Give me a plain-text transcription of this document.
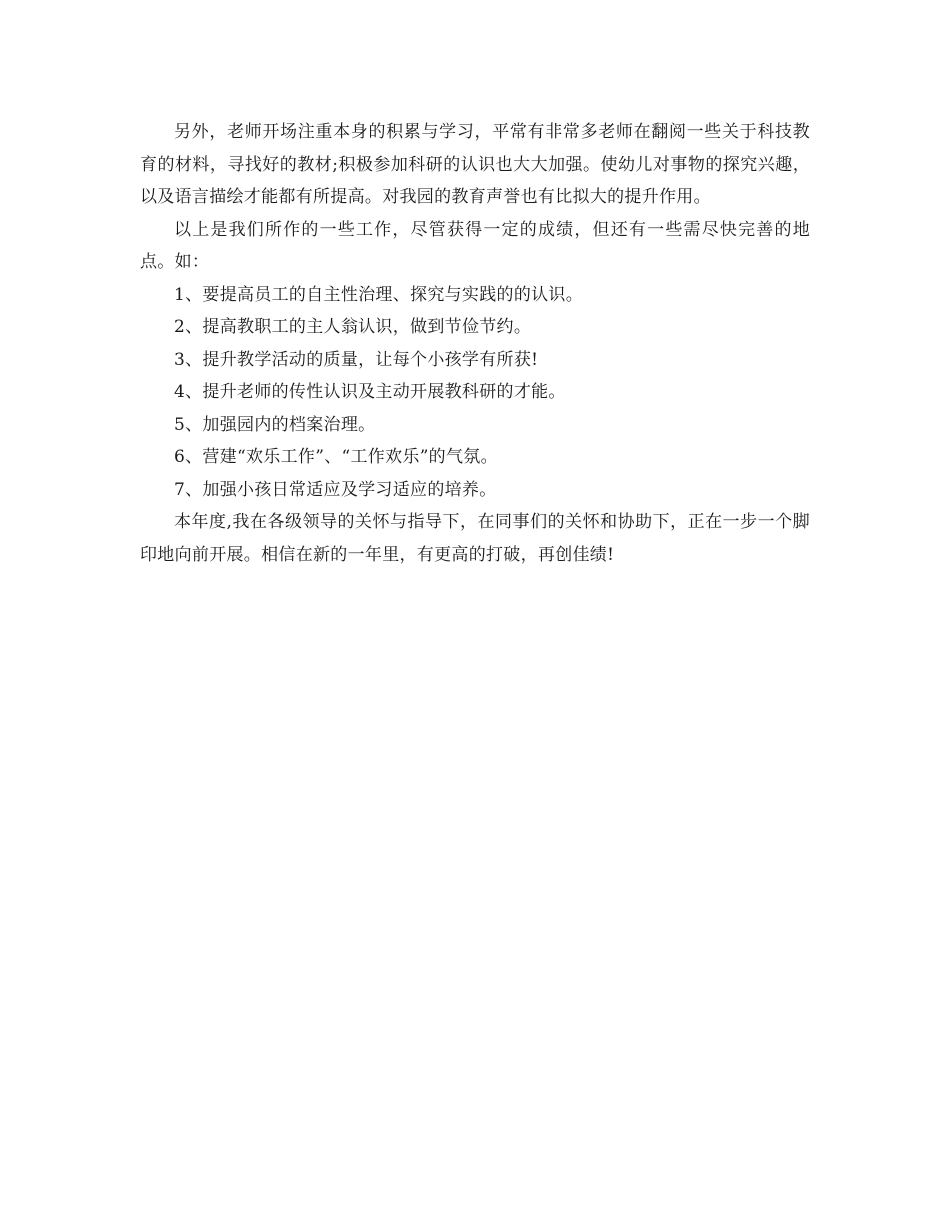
另外，老师开场注重本身的积累与学习，平常有非常多老师在翻阅一些关于科技教育的材料，寻找好的教材;积极参加科研的认识也大大加强。使幼儿对事物的探究兴趣，以及语言描绘才能都有所提高。对我园的教育声誉也有比拟大的提升作用。

以上是我们所作的一些工作，尽管获得一定的成绩，但还有一些需尽快完善的地点。如：

1、要提高员工的自主性治理、探究与实践的的认识。

2、提高教职工的主人翁认识，做到节俭节约。

3、提升教学活动的质量，让每个小孩学有所获!

4、提升老师的传性认识及主动开展教科研的才能。

5、加强园内的档案治理。

6、营建“欢乐工作”、“工作欢乐”的气氛。

7、加强小孩日常适应及学习适应的培养。

本年度,我在各级领导的关怀与指导下，在同事们的关怀和协助下，正在一步一个脚印地向前开展。相信在新的一年里，有更高的打破，再创佳绩!
